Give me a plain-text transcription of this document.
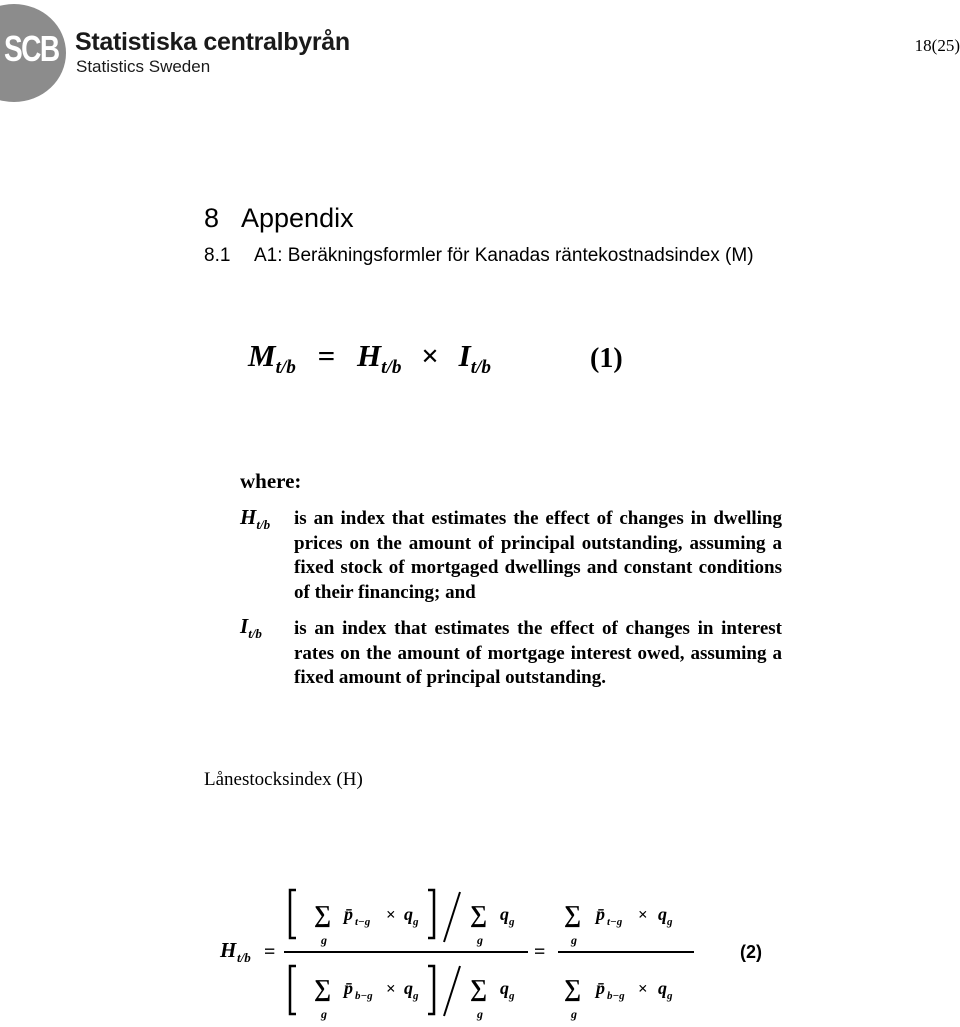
SCB Statistiska centralbyrån
Statistics Sweden
18(25)
8 Appendix
8.1 A1: Beräkningsformler för Kanadas räntekostnadsindex (M)
$M_{t/b} = H_{t/b} \times I_{t/b}$	(1)
where:
$H_{t/b}$ is an index that estimates the effect of changes in dwelling prices on the amount of principal outstanding, assuming a fixed stock of mortgaged dwellings and constant conditions of their financing; and
$I_{t/b}$ is an index that estimates the effect of changes in interest rates on the amount of mortgage interest owed, assuming a fixed amount of principal outstanding.
Lånestocksindex (H)
H t/b =
∑
g
p̄ t−g × q g ∑
g
q g
∑
g
p̄ b−g × q g ∑
g
q g
=
∑
g
p̄ t−g × q g
∑
g
p̄ b−g × q g
(2)
